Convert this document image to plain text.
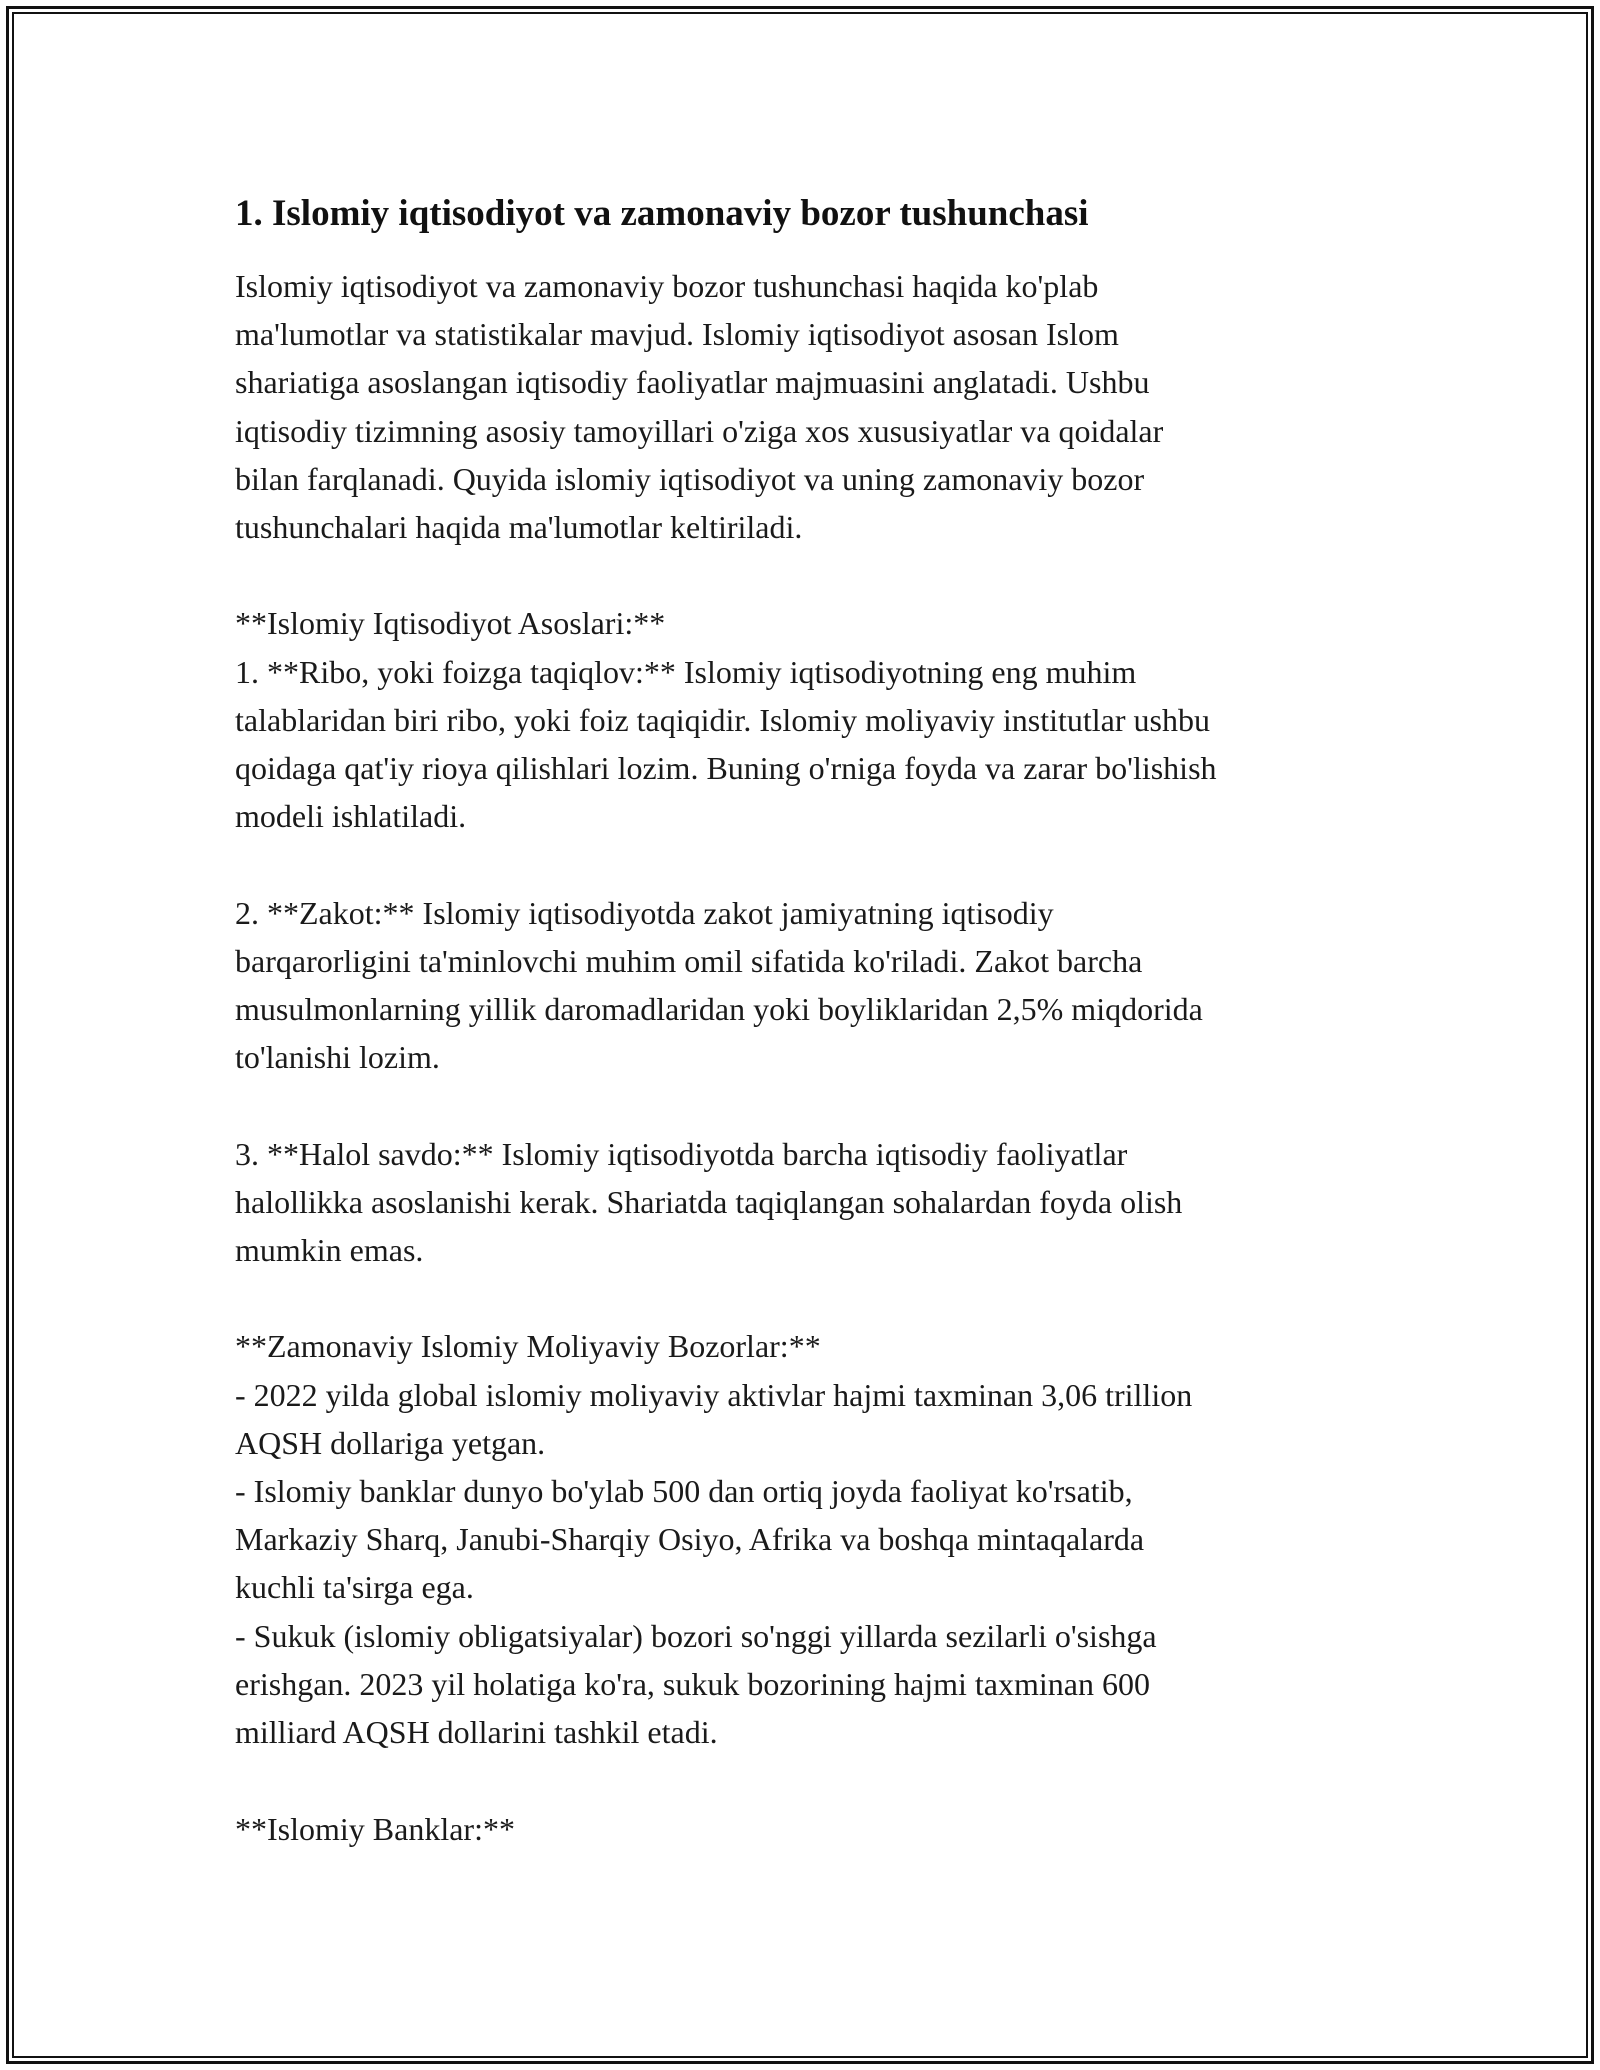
1. Islomiy iqtisodiyot va zamonaviy bozor tushunchasi

Islomiy iqtisodiyot va zamonaviy bozor tushunchasi haqida ko'plab
ma'lumotlar va statistikalar mavjud. Islomiy iqtisodiyot asosan Islom
shariatiga asoslangan iqtisodiy faoliyatlar majmuasini anglatadi. Ushbu
iqtisodiy tizimning asosiy tamoyillari o'ziga xos xususiyatlar va qoidalar
bilan farqlanadi. Quyida islomiy iqtisodiyot va uning zamonaviy bozor
tushunchalari haqida ma'lumotlar keltiriladi.

**Islomiy Iqtisodiyot Asoslari:**
1. **Ribo, yoki foizga taqiqlov:** Islomiy iqtisodiyotning eng muhim
talablaridan biri ribo, yoki foiz taqiqidir. Islomiy moliyaviy institutlar ushbu
qoidaga qat'iy rioya qilishlari lozim. Buning o'rniga foyda va zarar bo'lishish
modeli ishlatiladi.

2. **Zakot:** Islomiy iqtisodiyotda zakot jamiyatning iqtisodiy
barqarorligini ta'minlovchi muhim omil sifatida ko'riladi. Zakot barcha
musulmonlarning yillik daromadlaridan yoki boyliklaridan 2,5% miqdorida
to'lanishi lozim.

3. **Halol savdo:** Islomiy iqtisodiyotda barcha iqtisodiy faoliyatlar
halollikka asoslanishi kerak. Shariatda taqiqlangan sohalardan foyda olish
mumkin emas.

**Zamonaviy Islomiy Moliyaviy Bozorlar:**
- 2022 yilda global islomiy moliyaviy aktivlar hajmi taxminan 3,06 trillion
AQSH dollariga yetgan.
- Islomiy banklar dunyo bo'ylab 500 dan ortiq joyda faoliyat ko'rsatib,
Markaziy Sharq, Janubi-Sharqiy Osiyo, Afrika va boshqa mintaqalarda
kuchli ta'sirga ega.
- Sukuk (islomiy obligatsiyalar) bozori so'nggi yillarda sezilarli o'sishga
erishgan. 2023 yil holatiga ko'ra, sukuk bozorining hajmi taxminan 600
milliard AQSH dollarini tashkil etadi.

**Islomiy Banklar:**
